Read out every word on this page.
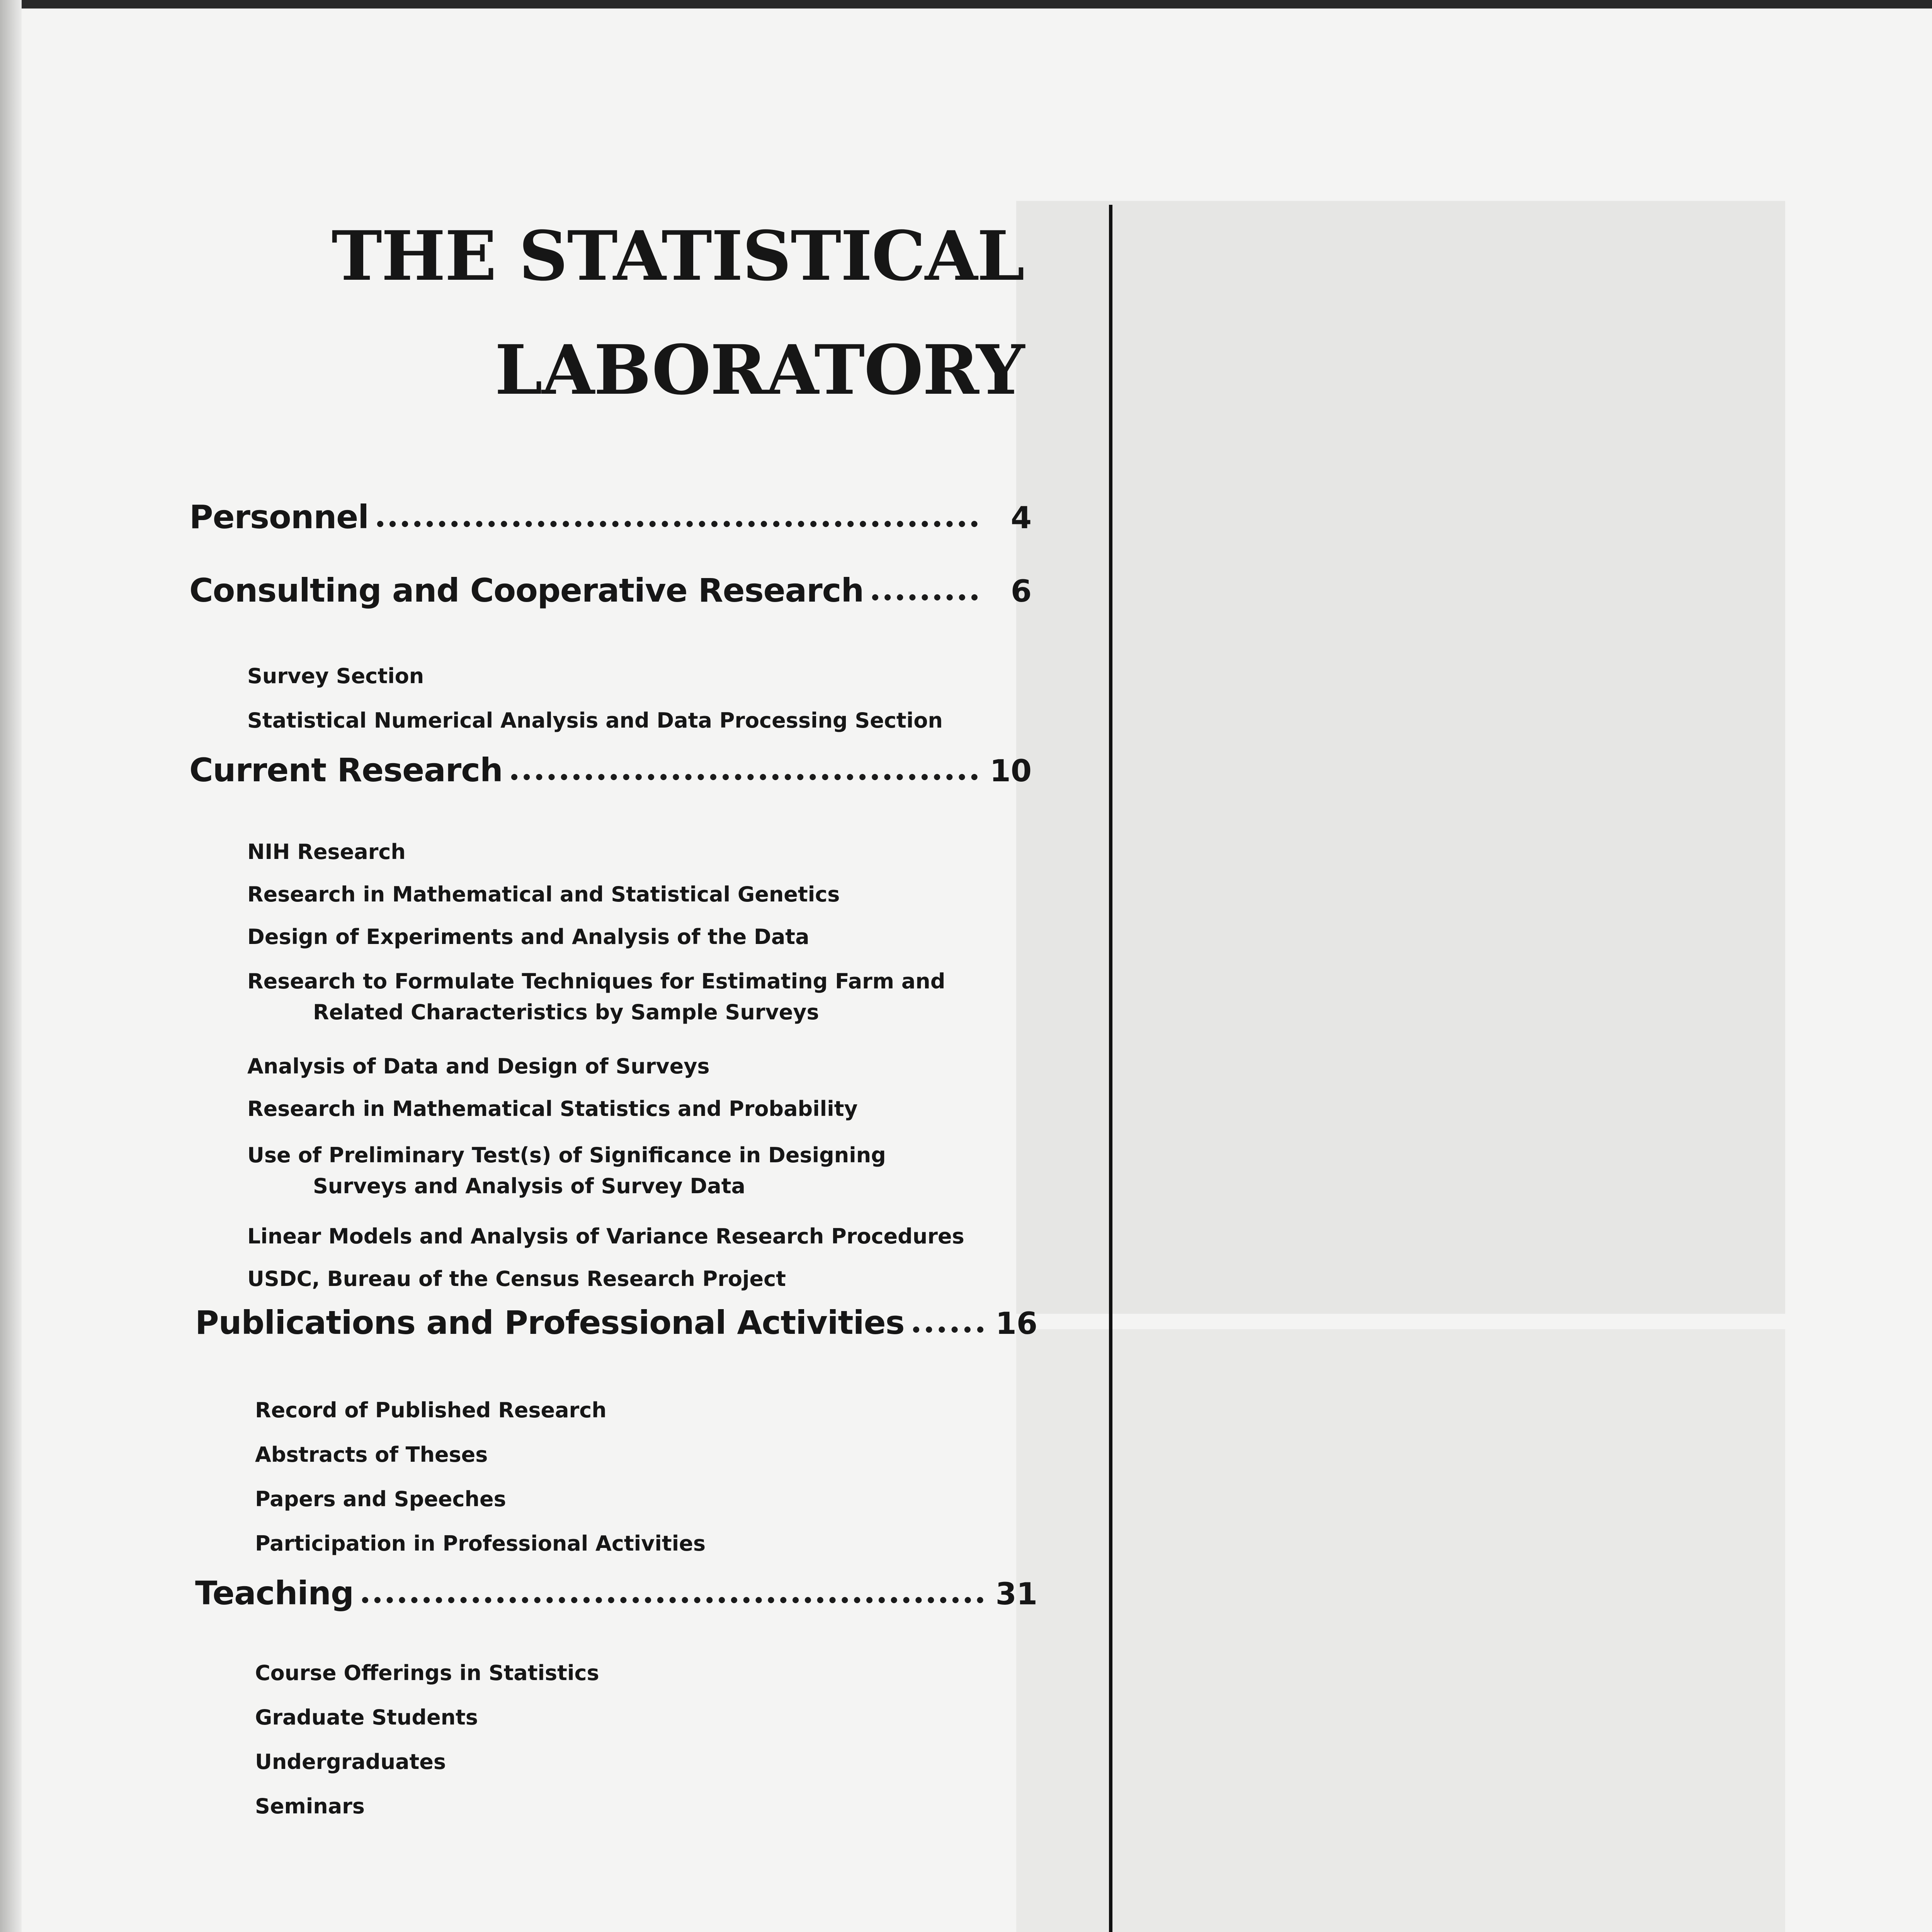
THE STATISTICAL
LABORATORY
Personnel	4
Consulting and Cooperative Research	6
Survey Section
Statistical Numerical Analysis and Data Processing Section
Current Research	10
NIH Research
Research in Mathematical and Statistical Genetics
Design of Experiments and Analysis of the Data
Research to Formulate Techniques for Estimating Farm and
Related Characteristics by Sample Surveys
Analysis of Data and Design of Surveys
Research in Mathematical Statistics and Probability
Use of Preliminary Test(s) of Significance in Designing
Surveys and Analysis of Survey Data
Linear Models and Analysis of Variance Research Procedures
USDC, Bureau of the Census Research Project
Publications and Professional Activities	16
Record of Published Research
Abstracts of Theses
Papers and Speeches
Participation in Professional Activities
Teaching	31
Course Offerings in Statistics
Graduate Students
Undergraduates
Seminars
